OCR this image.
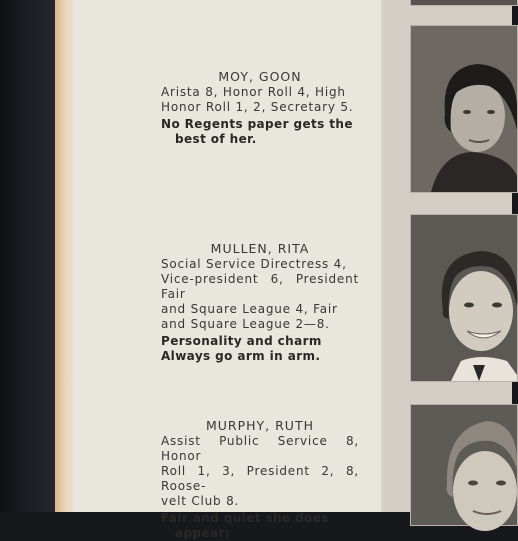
MOY, GOON
Arista 8, Honor Roll 4, High
Honor Roll 1, 2, Secretary 5.
No Regents paper gets the
best of her.
MULLEN, RITA
Social Service Directress 4,
Vice-president 6, President Fair
and Square League 4, Fair
and Square League 2—8.
Personality and charm
Always go arm in arm.
MURPHY, RUTH
Assist Public Service 8, Honor
Roll 1, 3, President 2, 8, Roose-
velt Club 8.
Fair and quiet she does
appear;
